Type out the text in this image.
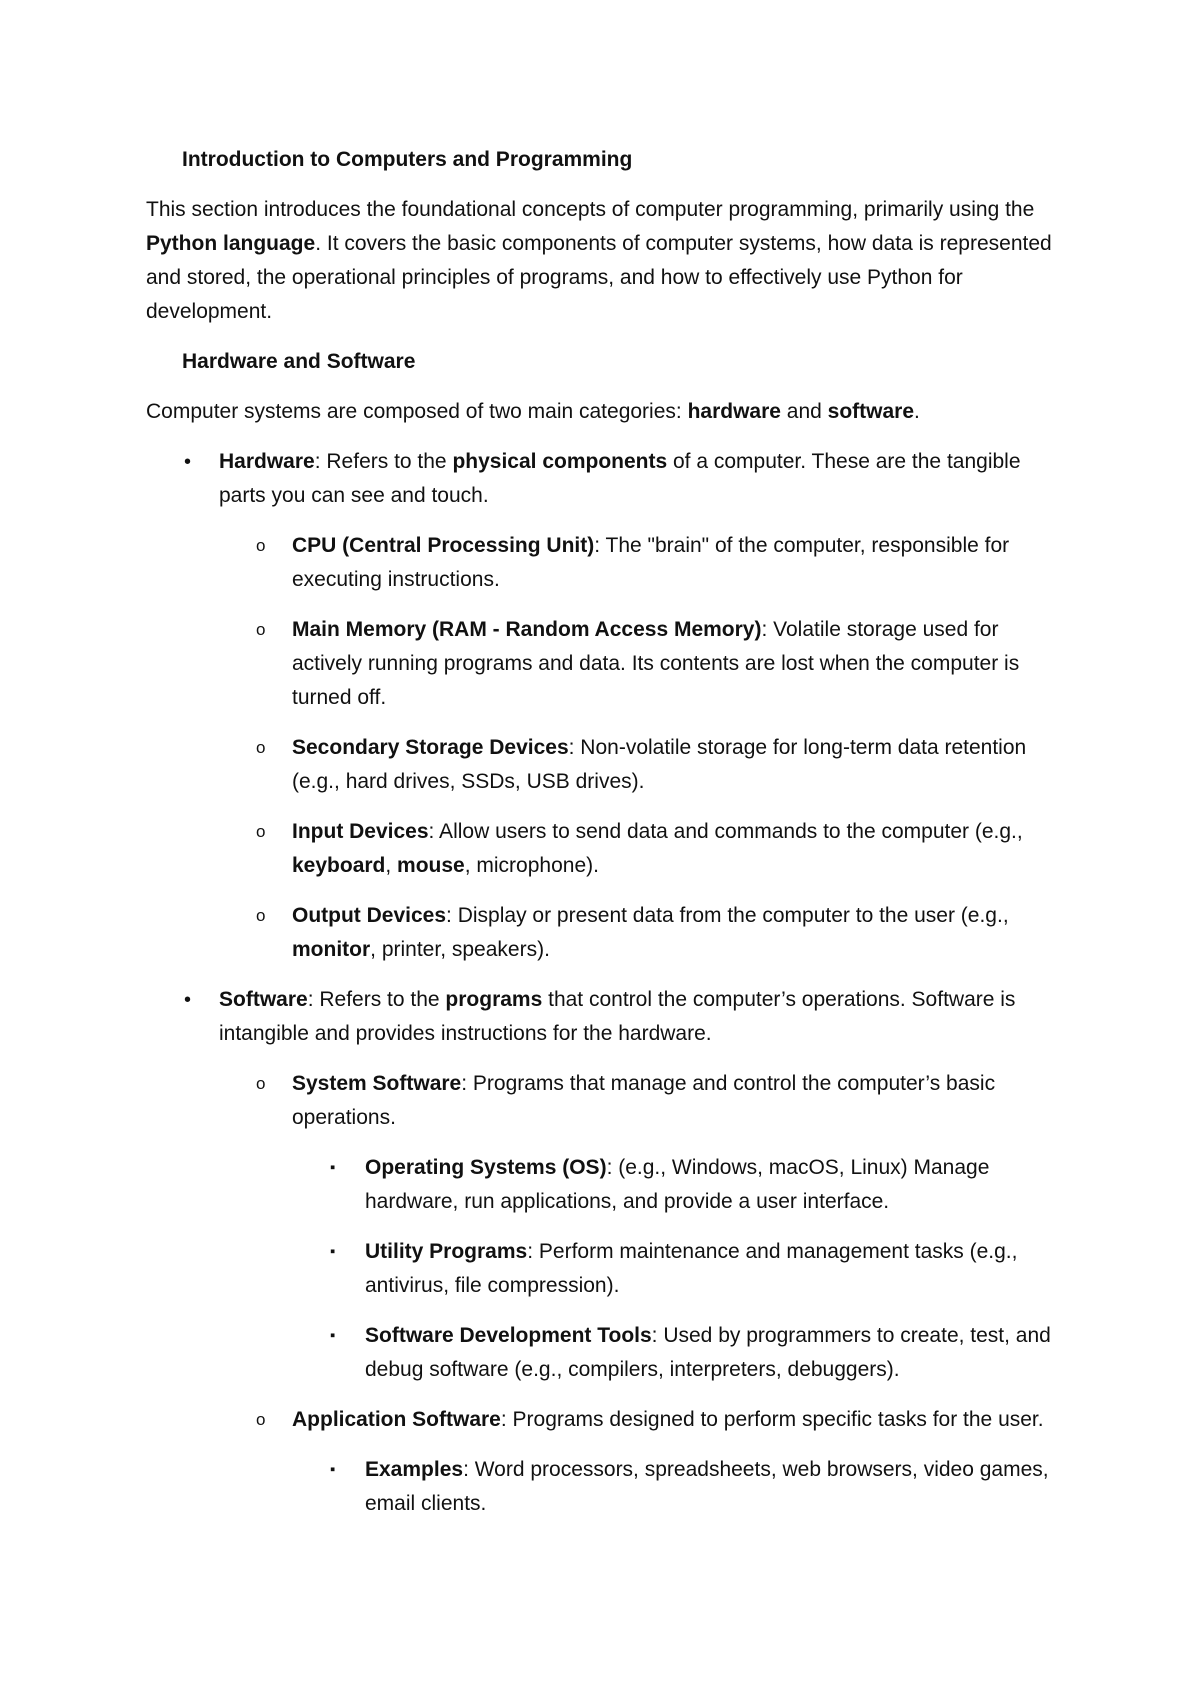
Introduction to Computers and Programming

This section introduces the foundational concepts of computer programming, primarily using the Python language. It covers the basic components of computer systems, how data is represented and stored, the operational principles of programs, and how to effectively use Python for development.

Hardware and Software

Computer systems are composed of two main categories: hardware and software.

• Hardware: Refers to the physical components of a computer. These are the tangible parts you can see and touch.
o CPU (Central Processing Unit): The "brain" of the computer, responsible for executing instructions.
o Main Memory (RAM - Random Access Memory): Volatile storage used for actively running programs and data. Its contents are lost when the computer is turned off.
o Secondary Storage Devices: Non-volatile storage for long-term data retention (e.g., hard drives, SSDs, USB drives).
o Input Devices: Allow users to send data and commands to the computer (e.g., keyboard, mouse, microphone).
o Output Devices: Display or present data from the computer to the user (e.g., monitor, printer, speakers).
• Software: Refers to the programs that control the computer’s operations. Software is intangible and provides instructions for the hardware.
o System Software: Programs that manage and control the computer’s basic operations.
▪ Operating Systems (OS): (e.g., Windows, macOS, Linux) Manage hardware, run applications, and provide a user interface.
▪ Utility Programs: Perform maintenance and management tasks (e.g., antivirus, file compression).
▪ Software Development Tools: Used by programmers to create, test, and debug software (e.g., compilers, interpreters, debuggers).
o Application Software: Programs designed to perform specific tasks for the user.
▪ Examples: Word processors, spreadsheets, web browsers, video games, email clients.
